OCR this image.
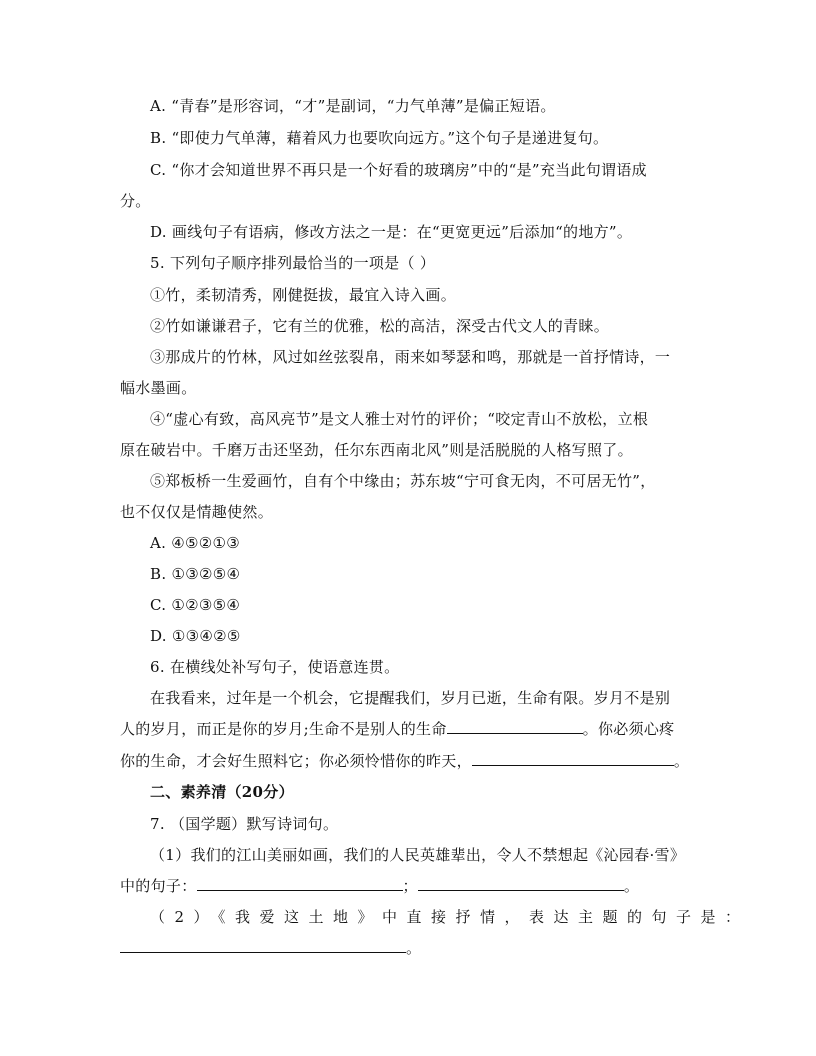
A. “青春”是形容词，“才”是副词，“力气单薄”是偏正短语。
B. “即使力气单薄，藉着风力也要吹向远方。”这个句子是递进复句。
C. “你才会知道世界不再只是一个好看的玻璃房”中的“是”充当此句谓语成
分。
D. 画线句子有语病，修改方法之一是：在“更宽更远”后添加“的地方”。
5. 下列句子顺序排列最恰当的一项是（ ）
①竹，柔韧清秀，刚健挺拔，最宜入诗入画。
②竹如谦谦君子，它有兰的优雅，松的高洁，深受古代文人的青睐。
③那成片的竹林，风过如丝弦裂帛，雨来如琴瑟和鸣，那就是一首抒情诗，一
幅水墨画。
④“虚心有致，高风亮节”是文人雅士对竹的评价；“咬定青山不放松，立根
原在破岩中。千磨万击还坚劲，任尔东西南北风”则是活脱脱的人格写照了。
⑤郑板桥一生爱画竹，自有个中缘由；苏东坡“宁可食无肉，不可居无竹”，
也不仅仅是情趣使然。
A. ④⑤②①③
B. ①③②⑤④
C. ①②③⑤④
D. ①③④②⑤
6. 在横线处补写句子，使语意连贯。
在我看来，过年是一个机会，它提醒我们，岁月已逝，生命有限。岁月不是别
人的岁月，而正是你的岁月;生命不是别人的生命	。你必须心疼
你的生命，才会好生照料它；你必须怜惜你的昨天，	。
二、素养清（20分）
7. （国学题）默写诗词句。
（1）我们的江山美丽如画，我们的人民英雄辈出，令人不禁想起《沁园春·雪》
中的句子：	；	。
（2）《我爱这土地》中直接抒情，表达主题的句子是：
。
